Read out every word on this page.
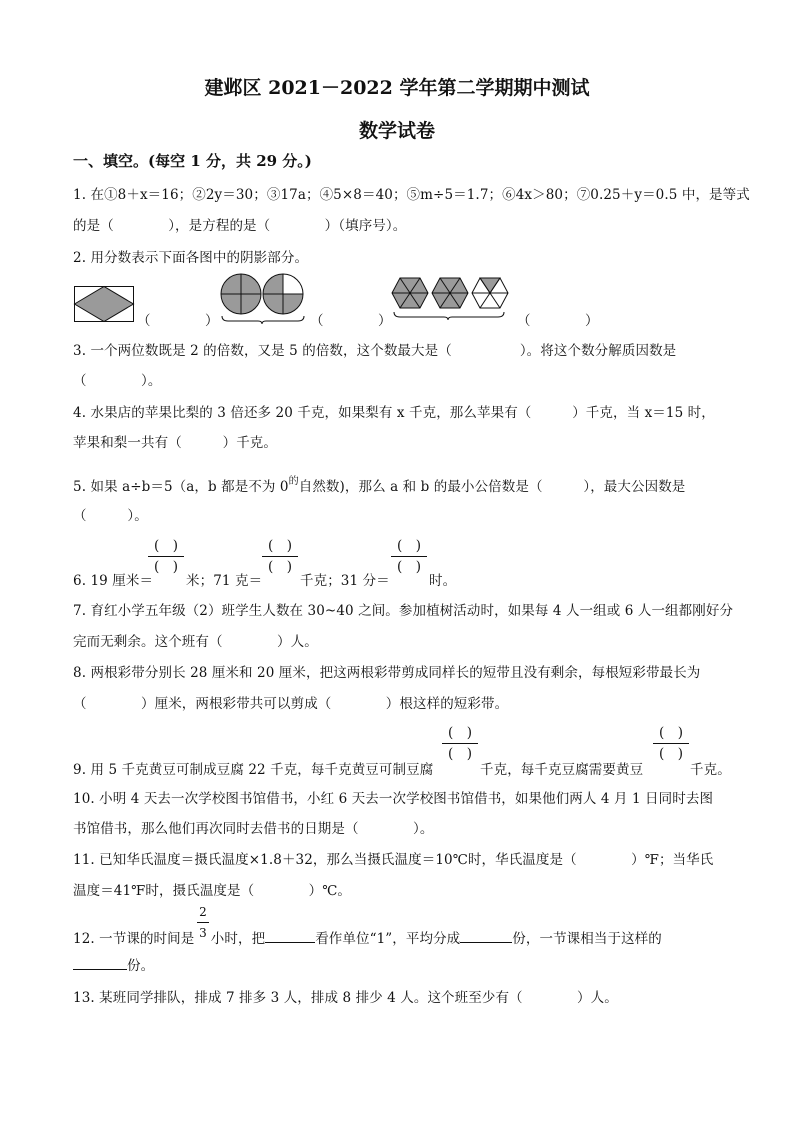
建邺区 2021－2022 学年第二学期期中测试
数学试卷
一、填空。(每空 1 分，共 29 分。)
1. 在①8＋x＝16；②2y＝30；③17a；④5×8＝40；⑤m÷5＝1.7；⑥4x＞80；⑦0.25＋y＝0.5 中，是等式
的是（　　　　），是方程的是（　　　　）（填序号）。
2. 用分数表示下面各图中的阴影部分。
（　　　　）	（　　　　）	（　　　　）
3. 一个两位数既是 2 的倍数，又是 5 的倍数，这个数最大是（　　　　　）。将这个数分解质因数是
（　　　　）。
4. 水果店的苹果比梨的 3 倍还多 20 千克，如果梨有 x 千克，那么苹果有（　　　）千克，当 x＝15 时，
苹果和梨一共有（　　　）千克。
5. 如果 a÷b＝5（a，b 都是不为 $0^的$自然数)，那么 a 和 b 的最小公倍数是（　　　），最大公因数是
（　　　）。
6. 19 厘米＝
(　)
(　)
米；71 克＝
(　)
(　)
千克；31 分＝
(　)
(　)
时。
7. 育红小学五年级（2）班学生人数在 30~40 之间。参加植树活动时，如果每 4 人一组或 6 人一组都刚好分
完而无剩余。这个班有（　　　　）人。
8. 两根彩带分别长 28 厘米和 20 厘米，把这两根彩带剪成同样长的短带且没有剩余，每根短彩带最长为
（　　　　）厘米，两根彩带共可以剪成（　　　　）根这样的短彩带。
9. 用 5 千克黄豆可制成豆腐 22 千克，每千克黄豆可制豆腐
(　)
(　)
千克，每千克豆腐需要黄豆
(　)
(　)
千克。
10. 小明 4 天去一次学校图书馆借书，小红 6 天去一次学校图书馆借书，如果他们两人 4 月 1 日同时去图
书馆借书，那么他们再次同时去借书的日期是（　　　　）。
11. 已知华氏温度＝摄氏温度×1.8＋32，那么当摄氏温度＝10℃时，华氏温度是（　　　　）℉；当华氏
温度＝41℉时，摄氏温度是（　　　　）℃。
12. 一节课的时间是 小时，把	看作单位“1”，平均分成	份，一节课相当于这样的
2
3
份。
13. 某班同学排队，排成 7 排多 3 人，排成 8 排少 4 人。这个班至少有（　　　　）人。
